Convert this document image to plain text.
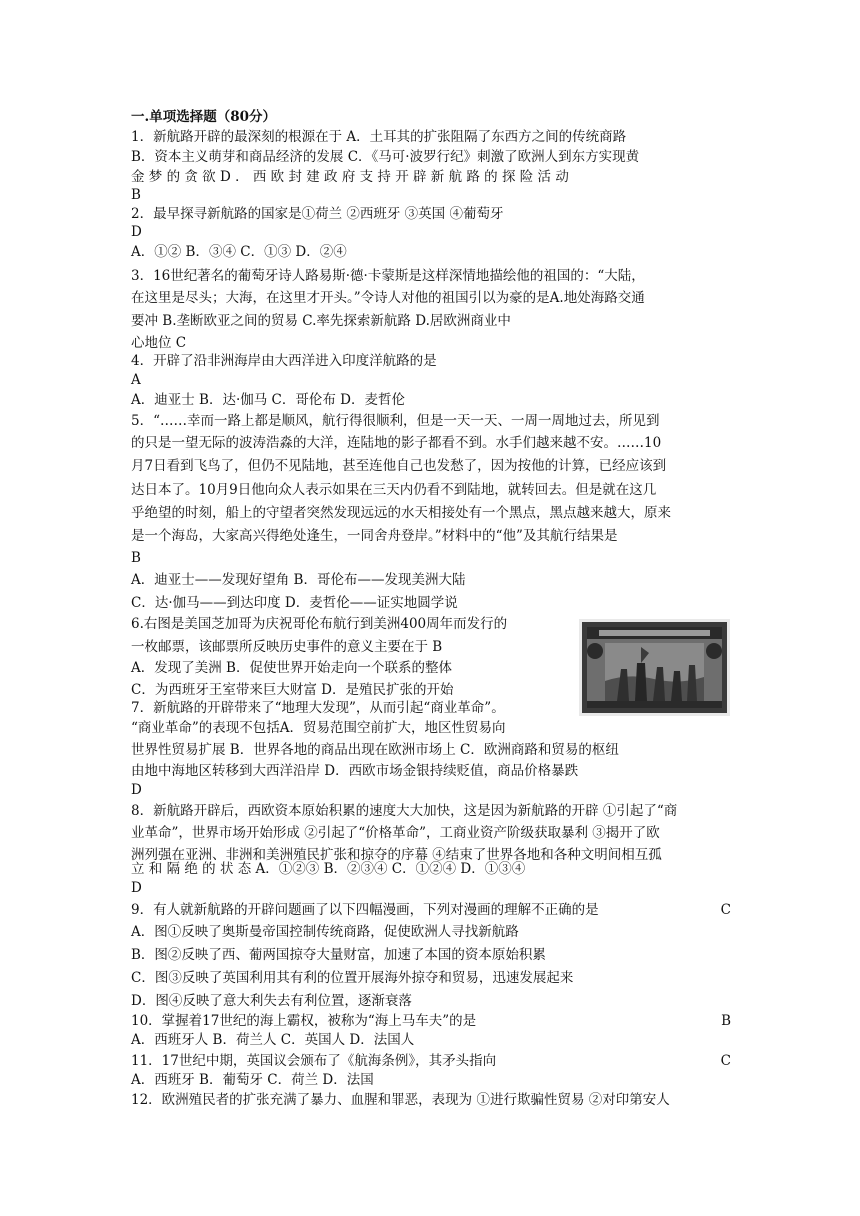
一.单项选择题（80分）
1．新航路开辟的最深刻的根源在于 A．土耳其的扩张阻隔了东西方之间的传统商路
B．资本主义萌芽和商品经济的发展 C．《马可·波罗行纪》刺激了欧洲人到东方实现黄
金 梦 的 贪 欲 D ． 西 欧 封 建 政 府 支 持 开 辟 新 航 路 的 探 险 活 动
B
2．最早探寻新航路的国家是①荷兰 ②西班牙 ③英国 ④葡萄牙
D
A．①② B．③④ C．①③ D．②④
3．16世纪著名的葡萄牙诗人路易斯·德·卡蒙斯是这样深情地描绘他的祖国的：“大陆，
在这里是尽头；大海，在这里才开头。”令诗人对他的祖国引以为豪的是A.地处海路交通
要冲 B.垄断欧亚之间的贸易 C.率先探索新航路 D.居欧洲商业中
心地位 C
4．开辟了沿非洲海岸由大西洋进入印度洋航路的是
A
A．迪亚士 B．达·伽马 C．哥伦布 D．麦哲伦
5．“……幸而一路上都是顺风，航行得很顺利，但是一天一天、一周一周地过去，所见到
的只是一望无际的波涛浩淼的大洋，连陆地的影子都看不到。水手们越来越不安。……10
月7日看到飞鸟了，但仍不见陆地，甚至连他自己也发愁了，因为按他的计算，已经应该到
达日本了。10月9日他向众人表示如果在三天内仍看不到陆地，就转回去。但是就在这几
乎绝望的时刻，船上的守望者突然发现远远的水天相接处有一个黑点，黑点越来越大，原来
是一个海岛，大家高兴得绝处逢生，一同舍舟登岸。”材料中的“他”及其航行结果是
B
A．迪亚士——发现好望角 B．哥伦布——发现美洲大陆
C．达·伽马——到达印度 D．麦哲伦——证实地圆学说
6.右图是美国芝加哥为庆祝哥伦布航行到美洲400周年而发行的
一枚邮票，该邮票所反映历史事件的意义主要在于 B
A．发现了美洲 B．促使世界开始走向一个联系的整体
C．为西班牙王室带来巨大财富 D．是殖民扩张的开始
7．新航路的开辟带来了“地理大发现”，从而引起“商业革命”。
“商业革命”的表现不包括A．贸易范围空前扩大，地区性贸易向
世界性贸易扩展 B．世界各地的商品出现在欧洲市场上 C．欧洲商路和贸易的枢纽
由地中海地区转移到大西洋沿岸 D．西欧市场金银持续贬值，商品价格暴跌
D
8．新航路开辟后，西欧资本原始积累的速度大大加快，这是因为新航路的开辟 ①引起了“商
业革命”，世界市场开始形成 ②引起了“价格革命”，工商业资产阶级获取暴利 ③揭开了欧
洲列强在亚洲、非洲和美洲殖民扩张和掠夺的序幕 ④结束了世界各地和各种文明间相互孤
立 和 隔 绝 的 状 态 A．①②③ B．②③④ C．①②④ D．①③④
D
9．有人就新航路的开辟问题画了以下四幅漫画，下列对漫画的理解不正确的是	C
A．图①反映了奥斯曼帝国控制传统商路，促使欧洲人寻找新航路
B．图②反映了西、葡两国掠夺大量财富，加速了本国的资本原始积累
C．图③反映了英国利用其有利的位置开展海外掠夺和贸易，迅速发展起来
D．图④反映了意大利失去有利位置，逐渐衰落
10．掌握着17世纪的海上霸权，被称为“海上马车夫”的是	B
A．西班牙人 B．荷兰人 C．英国人 D．法国人
11．17世纪中期，英国议会颁布了《航海条例》，其矛头指向	C
A．西班牙 B．葡萄牙 C．荷兰 D．法国
12．欧洲殖民者的扩张充满了暴力、血腥和罪恶，表现为 ①进行欺骗性贸易 ②对印第安人
